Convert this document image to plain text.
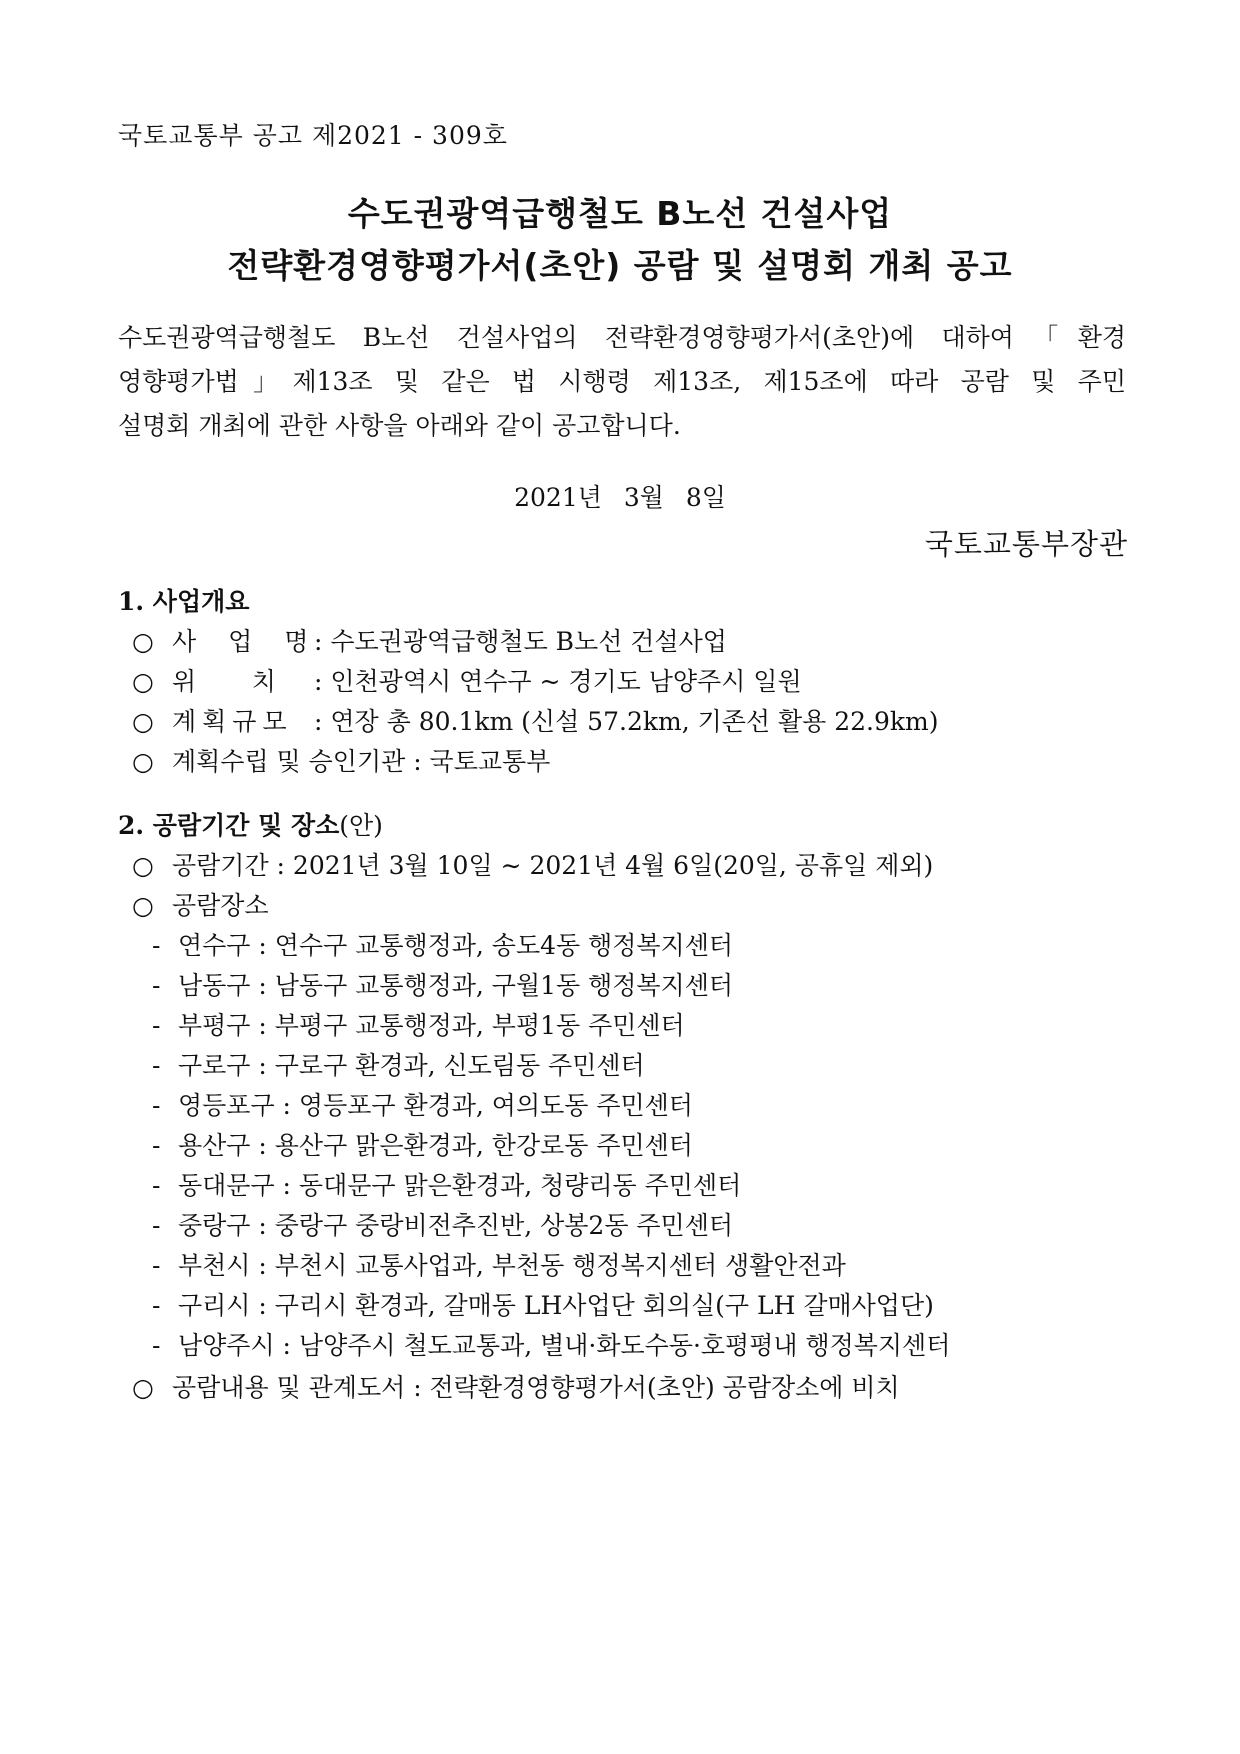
국토교통부 공고 제2021 - 309호
수도권광역급행철도 B노선 건설사업
전략환경영향평가서(초안) 공람 및 설명회 개최 공고
수도권광역급행철도 B노선 건설사업의 전략환경영향평가서(초안)에 대하여「환경
영향평가법」제13조 및 같은 법 시행령 제13조, 제15조에 따라 공람 및 주민
설명회 개최에 관한 사항을 아래와 같이 공고합니다.
2021년 3월 8일
국토교통부장관
1. 사업개요
○ 사 업 명: 수도권광역급행철도 B노선 건설사업
○ 위       치 : 인천광역시 연수구 ~ 경기도 남양주시 일원
○ 계획규모 : 연장 총 80.1km (신설 57.2km, 기존선 활용 22.9km)
○ 계획수립 및 승인기관 : 국토교통부
2. 공람기간 및 장소(안)
○ 공람기간 : 2021년 3월 10일 ∼ 2021년 4월 6일(20일, 공휴일 제외)
○ 공람장소
- 연수구 : 연수구 교통행정과, 송도4동 행정복지센터
- 남동구 : 남동구 교통행정과, 구월1동 행정복지센터
- 부평구 : 부평구 교통행정과, 부평1동 주민센터
- 구로구 : 구로구 환경과, 신도림동 주민센터
- 영등포구 : 영등포구 환경과, 여의도동 주민센터
- 용산구 : 용산구 맑은환경과, 한강로동 주민센터
- 동대문구 : 동대문구 맑은환경과, 청량리동 주민센터
- 중랑구 : 중랑구 중랑비전추진반, 상봉2동 주민센터
- 부천시 : 부천시 교통사업과, 부천동 행정복지센터 생활안전과
- 구리시 : 구리시 환경과, 갈매동 LH사업단 회의실(구 LH 갈매사업단)
- 남양주시 : 남양주시 철도교통과, 별내·화도수동·호평평내 행정복지센터
○ 공람내용 및 관계도서 : 전략환경영향평가서(초안) 공람장소에 비치
